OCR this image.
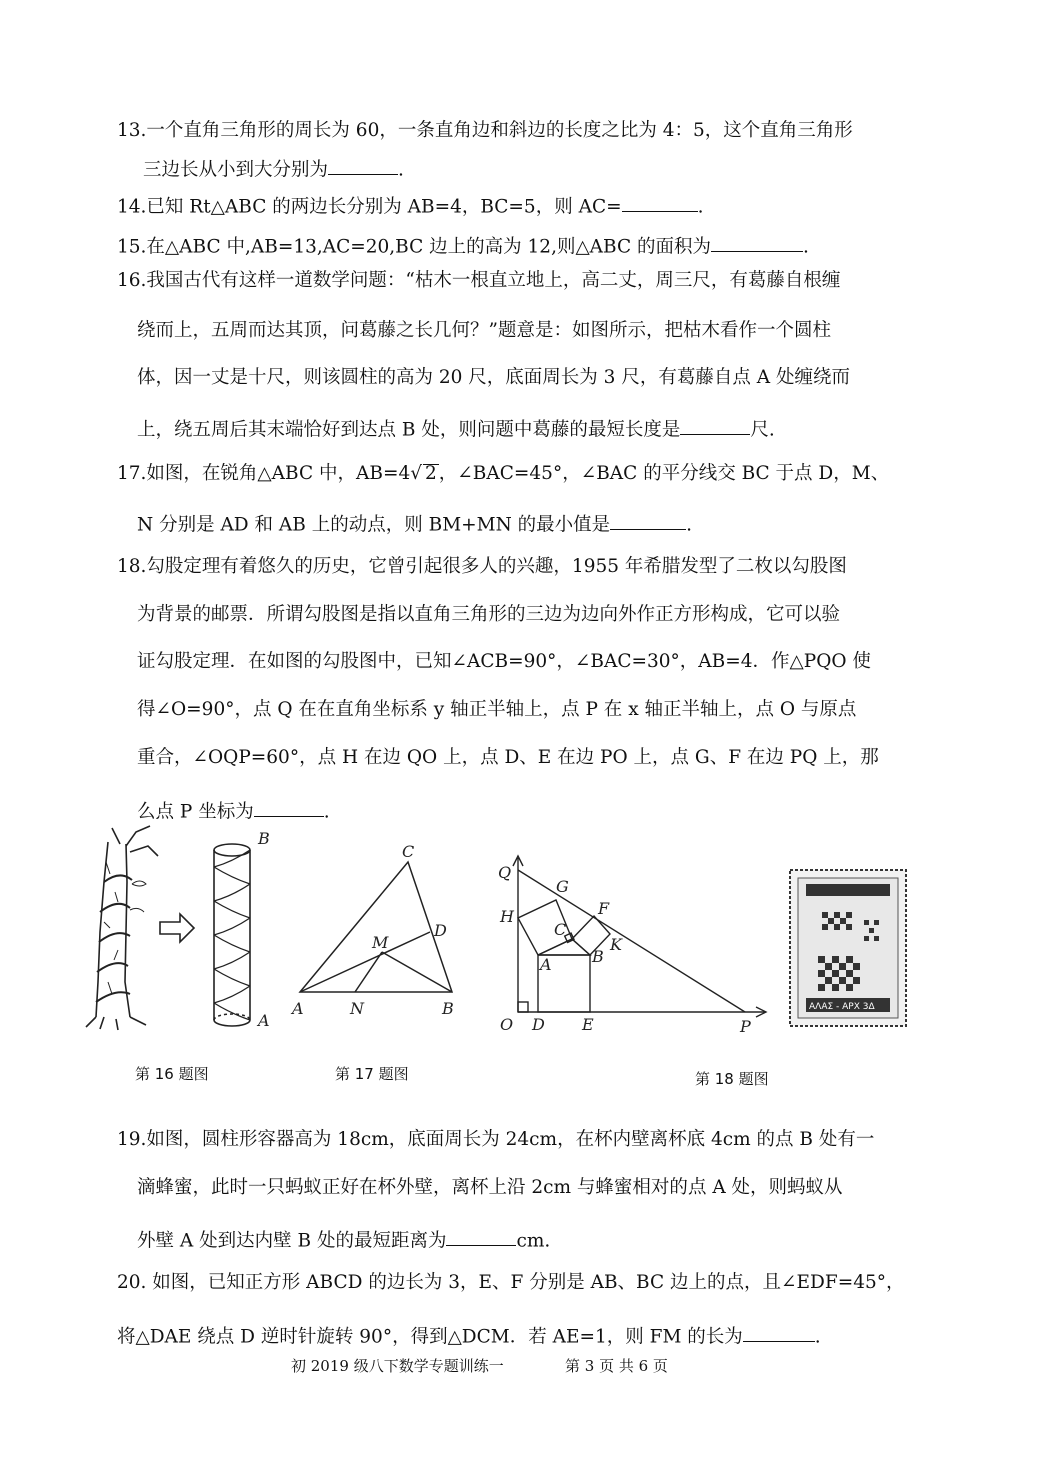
13.一个直角三角形的周长为 60，一条直角边和斜边的长度之比为 4：5，这个直角三角形
三边长从小到大分别为	.
14.已知 Rt△ABC 的两边长分别为 AB=4，BC=5，则 AC=	.
15.在△ABC 中,AB=13,AC=20,BC 边上的高为 12,则△ABC 的面积为	.
16.我国古代有这样一道数学问题：“枯木一根直立地上，高二丈，周三尺，有葛藤自根缠
绕而上，五周而达其顶，问葛藤之长几何？”题意是：如图所示，把枯木看作一个圆柱
体，因一丈是十尺，则该圆柱的高为 20 尺，底面周长为 3 尺，有葛藤自点 A 处缠绕而
上，绕五周后其末端恰好到达点 B 处，则问题中葛藤的最短长度是	尺.
17.如图，在锐角△ABC 中，AB=4√ 2 ，∠BAC=45°，∠BAC 的平分线交 BC 于点 D，M、
N 分别是 AD 和 AB 上的动点，则 BM+MN 的最小值是	.
18.勾股定理有着悠久的历史，它曾引起很多人的兴趣，1955 年希腊发型了二枚以勾股图
为背景的邮票．所谓勾股图是指以直角三角形的三边为边向外作正方形构成，它可以验
证勾股定理．在如图的勾股图中，已知∠ACB=90°，∠BAC=30°，AB=4．作△PQO 使
得∠O=90°，点 Q 在在直角坐标系 y 轴正半轴上，点 P 在 x 轴正半轴上，点 O 与原点
重合，∠OQP=60°，点 H 在边 QO 上，点 D、E 在边 PO 上，点 G、F 在边 PQ 上，那
么点 P 坐标为	.
B
A
C
D
M
A	N	B
Q
G
F
H
C
K
A	B
O D E	P
ΑΛΑΣ - ΑΡΧ 3Δ
第 16 题图	第 17 题图	第 18 题图
19.如图，圆柱形容器高为 18cm，底面周长为 24cm，在杯内壁离杯底 4cm 的点 B 处有一
滴蜂蜜，此时一只蚂蚁正好在杯外壁，离杯上沿 2cm 与蜂蜜相对的点 A 处，则蚂蚁从
外壁 A 处到达内壁 B 处的最短距离为	cm.
20. 如图，已知正方形 ABCD 的边长为 3，E、F 分别是 AB、BC 边上的点，且∠EDF=45°，
将△DAE 绕点 D 逆时针旋转 90°，得到△DCM．若 AE=1，则 FM 的长为	.
初 2019 级八下数学专题训练一	第 3 页 共 6 页
